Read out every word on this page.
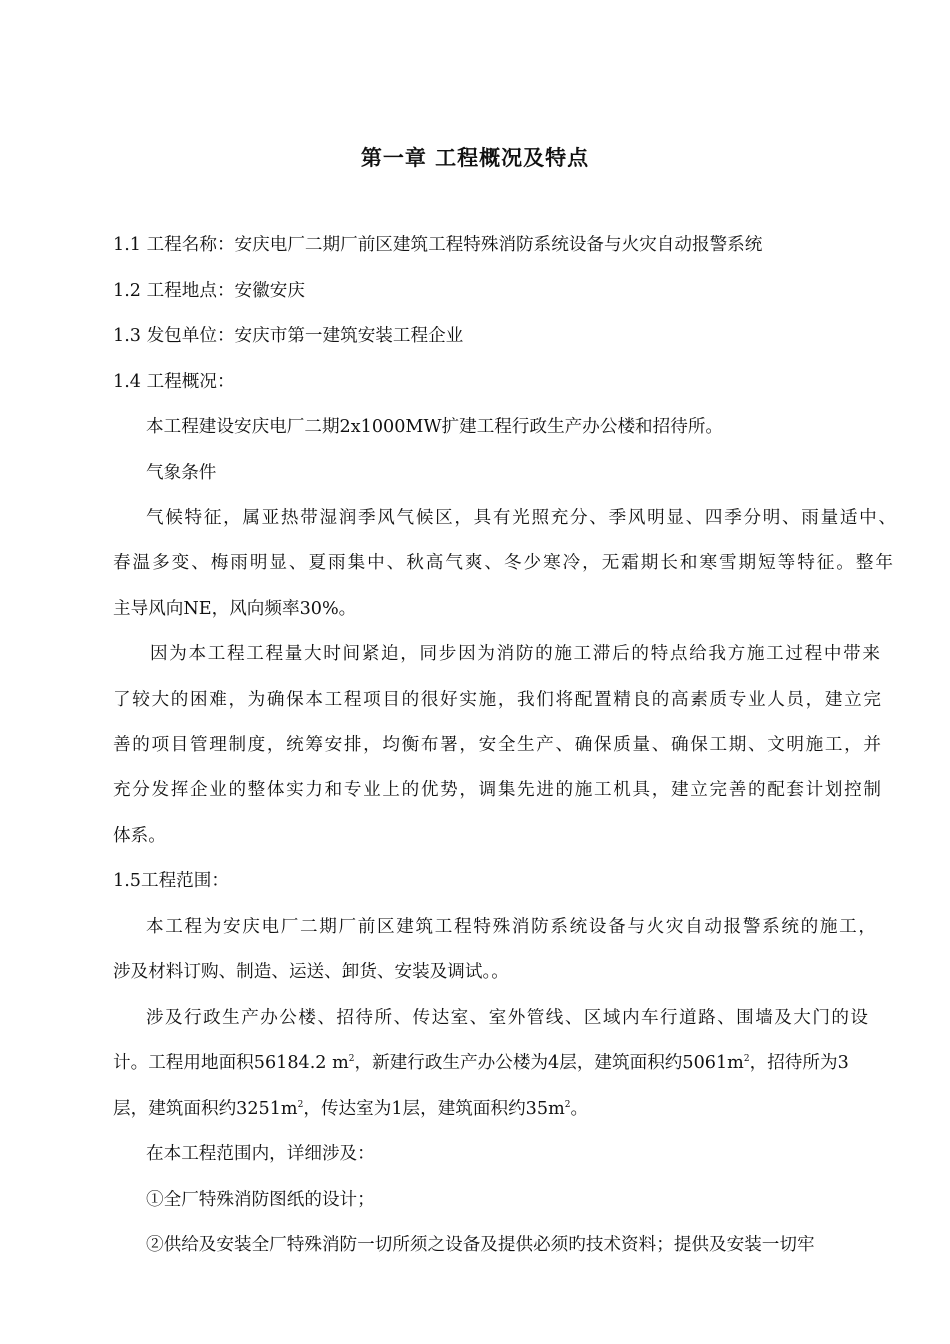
第一章 工程概况及特点
1.1 工程名称：安庆电厂二期厂前区建筑工程特殊消防系统设备与火灾自动报警系统
1.2 工程地点：安徽安庆
1.3 发包单位：安庆市第一建筑安装工程企业
1.4 工程概况：
本工程建设安庆电厂二期2x1000MW扩建工程行政生产办公楼和招待所。
气象条件
气候特征，属亚热带湿润季风气候区，具有光照充分、季风明显、四季分明、雨量适中、
春温多变、梅雨明显、夏雨集中、秋高气爽、冬少寒冷，无霜期长和寒雪期短等特征。整年
主导风向NE，风向频率30%。
因为本工程工程量大时间紧迫，同步因为消防的施工滞后的特点给我方施工过程中带来
了较大的困难，为确保本工程项目的很好实施，我们将配置精良的高素质专业人员，建立完
善的项目管理制度，统筹安排，均衡布署，安全生产、确保质量、确保工期、文明施工，并
充分发挥企业的整体实力和专业上的优势，调集先进的施工机具，建立完善的配套计划控制
体系。
1.5工程范围：
本工程为安庆电厂二期厂前区建筑工程特殊消防系统设备与火灾自动报警系统的施工，
涉及材料订购、制造、运送、卸货、安装及调试。。
涉及行政生产办公楼、招待所、传达室、室外管线、区域内车行道路、围墙及大门的设
计。工程用地面积56184.2 $m^2$，新建行政生产办公楼为4层，建筑面积约$5061m^2$，招待所为3
层，建筑面积约$3251m^2$，传达室为1层，建筑面积约$35m^2$。
在本工程范围内，详细涉及：
①全厂特殊消防图纸的设计；
②供给及安装全厂特殊消防一切所须之设备及提供必须旳技术资料；提供及安装一切牢
